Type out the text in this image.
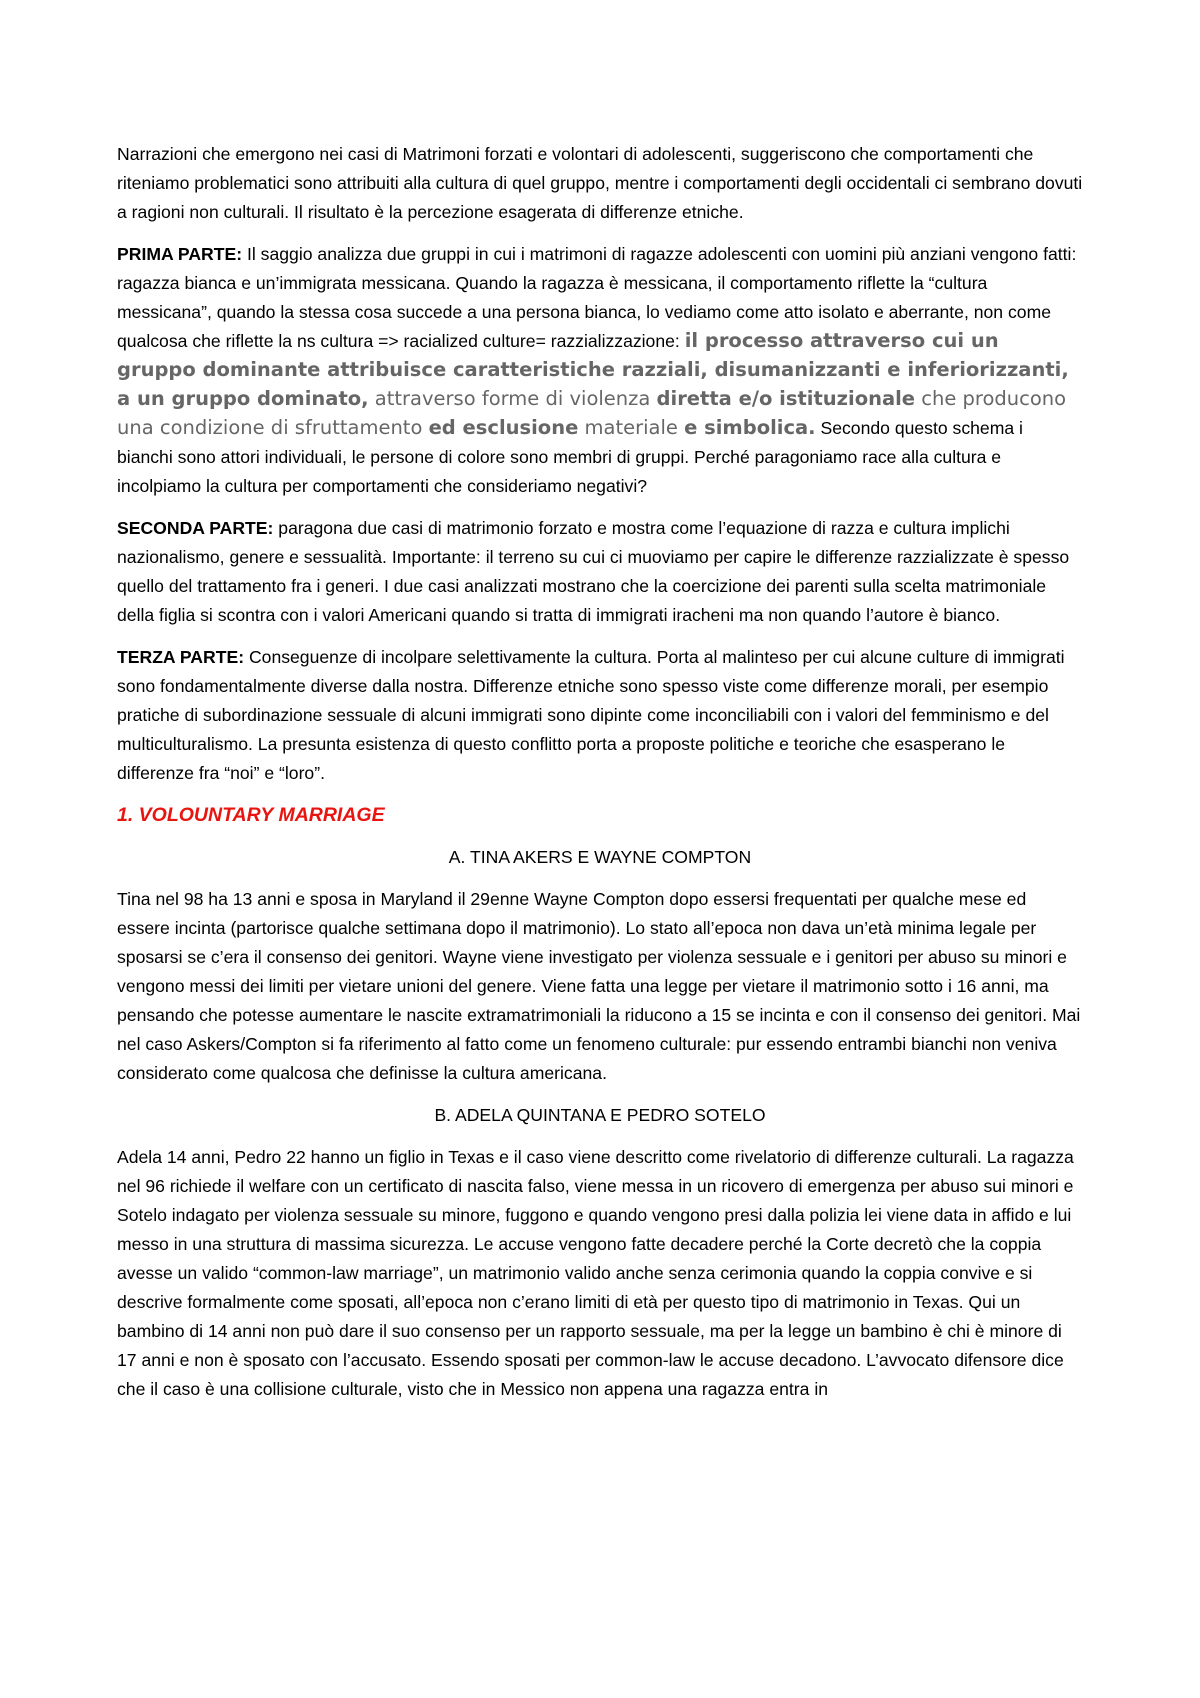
Narrazioni che emergono nei casi di Matrimoni forzati e volontari di adolescenti, suggeriscono che comportamenti che riteniamo problematici sono attribuiti alla cultura di quel gruppo, mentre i comportamenti degli occidentali ci sembrano dovuti a ragioni non culturali. Il risultato è la percezione esagerata di differenze etniche.

PRIMA PARTE: Il saggio analizza due gruppi in cui i matrimoni di ragazze adolescenti con uomini più anziani vengono fatti: ragazza bianca e un’immigrata messicana. Quando la ragazza è messicana, il comportamento riflette la “cultura messicana”, quando la stessa cosa succede a una persona bianca, lo vediamo come atto isolato e aberrante, non come qualcosa che riflette la ns cultura => racialized culture= razzializzazione: il processo attraverso cui un gruppo dominante attribuisce caratteristiche razziali, disumanizzanti e inferiorizzanti, a un gruppo dominato, attraverso forme di violenza diretta e/o istituzionale che producono una condizione di sfruttamento ed esclusione materiale e simbolica. Secondo questo schema i bianchi sono attori individuali, le persone di colore sono membri di gruppi. Perché paragoniamo race alla cultura e incolpiamo la cultura per comportamenti che consideriamo negativi?

SECONDA PARTE: paragona due casi di matrimonio forzato e mostra come l’equazione di razza e cultura implichi nazionalismo, genere e sessualità. Importante: il terreno su cui ci muoviamo per capire le differenze razzializzate è spesso quello del trattamento fra i generi. I due casi analizzati mostrano che la coercizione dei parenti sulla scelta matrimoniale della figlia si scontra con i valori Americani quando si tratta di immigrati iracheni ma non quando l’autore è bianco.

TERZA PARTE: Conseguenze di incolpare selettivamente la cultura. Porta al malinteso per cui alcune culture di immigrati sono fondamentalmente diverse dalla nostra. Differenze etniche sono spesso viste come differenze morali, per esempio pratiche di subordinazione sessuale di alcuni immigrati sono dipinte come inconciliabili con i valori del femminismo e del multiculturalismo. La presunta esistenza di questo conflitto porta a proposte politiche e teoriche che esasperano le differenze fra “noi” e “loro”.

1. VOLOUNTARY MARRIAGE
A. TINA AKERS E WAYNE COMPTON

Tina nel 98 ha 13 anni e sposa in Maryland il 29enne Wayne Compton dopo essersi frequentati per qualche mese ed essere incinta (partorisce qualche settimana dopo il matrimonio). Lo stato all’epoca non dava un’età minima legale per sposarsi se c’era il consenso dei genitori. Wayne viene investigato per violenza sessuale e i genitori per abuso su minori e vengono messi dei limiti per vietare unioni del genere. Viene fatta una legge per vietare il matrimonio sotto i 16 anni, ma pensando che potesse aumentare le nascite extramatrimoniali la riducono a 15 se incinta e con il consenso dei genitori. Mai nel caso Askers/Compton si fa riferimento al fatto come un fenomeno culturale: pur essendo entrambi bianchi non veniva considerato come qualcosa che definisse la cultura americana.

B. ADELA QUINTANA E PEDRO SOTELO

Adela 14 anni, Pedro 22 hanno un figlio in Texas e il caso viene descritto come rivelatorio di differenze culturali. La ragazza nel 96 richiede il welfare con un certificato di nascita falso, viene messa in un ricovero di emergenza per abuso sui minori e Sotelo indagato per violenza sessuale su minore, fuggono e quando vengono presi dalla polizia lei viene data in affido e lui messo in una struttura di massima sicurezza. Le accuse vengono fatte decadere perché la Corte decretò che la coppia avesse un valido “common-law marriage”, un matrimonio valido anche senza cerimonia quando la coppia convive e si descrive formalmente come sposati, all’epoca non c’erano limiti di età per questo tipo di matrimonio in Texas. Qui un bambino di 14 anni non può dare il suo consenso per un rapporto sessuale, ma per la legge un bambino è chi è minore di 17 anni e non è sposato con l’accusato. Essendo sposati per common-law le accuse decadono. L’avvocato difensore dice che il caso è una collisione culturale, visto che in Messico non appena una ragazza entra in
